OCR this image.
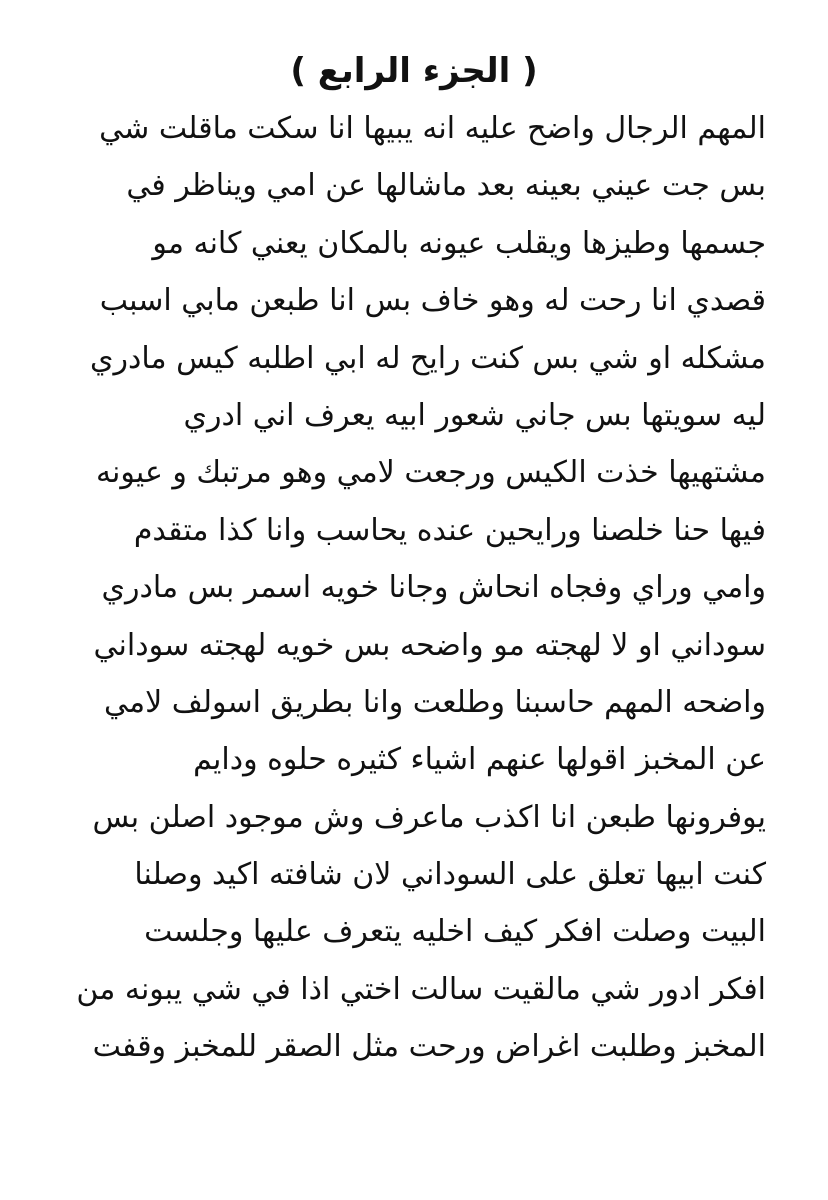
( الجزء الرابع )
المهم الرجال واضح عليه انه يبيها انا سكت ماقلت شي
بس جت عيني بعينه بعد ماشالها عن امي ويناظر في
جسمها وطيزها ويقلب عيونه بالمكان يعني كانه مو
قصدي انا رحت له وهو خاف بس انا طبعن مابي اسبب
مشكله او شي بس كنت رايح له ابي اطلبه كيس مادري
ليه سويتها بس جاني شعور ابيه يعرف اني ادري
مشتهيها خذت الكيس ورجعت لامي وهو مرتبك و عيونه
فيها حنا خلصنا ورايحين عنده يحاسب وانا كذا متقدم
وامي وراي وفجاه انحاش وجانا خويه اسمر بس مادري
سوداني او لا لهجته مو واضحه بس خويه لهجته سوداني
واضحه المهم حاسبنا وطلعت وانا بطريق اسولف لامي
عن المخبز اقولها عنهم اشياء كثيره حلوه ودايم
يوفرونها طبعن انا اكذب ماعرف وش موجود اصلن بس
كنت ابيها تعلق على السوداني لان شافته اكيد وصلنا
البيت وصلت افكر كيف اخليه يتعرف عليها وجلست
افكر ادور شي مالقيت سالت اختي اذا في شي يبونه من
المخبز وطلبت اغراض ورحت مثل الصقر للمخبز وقفت
